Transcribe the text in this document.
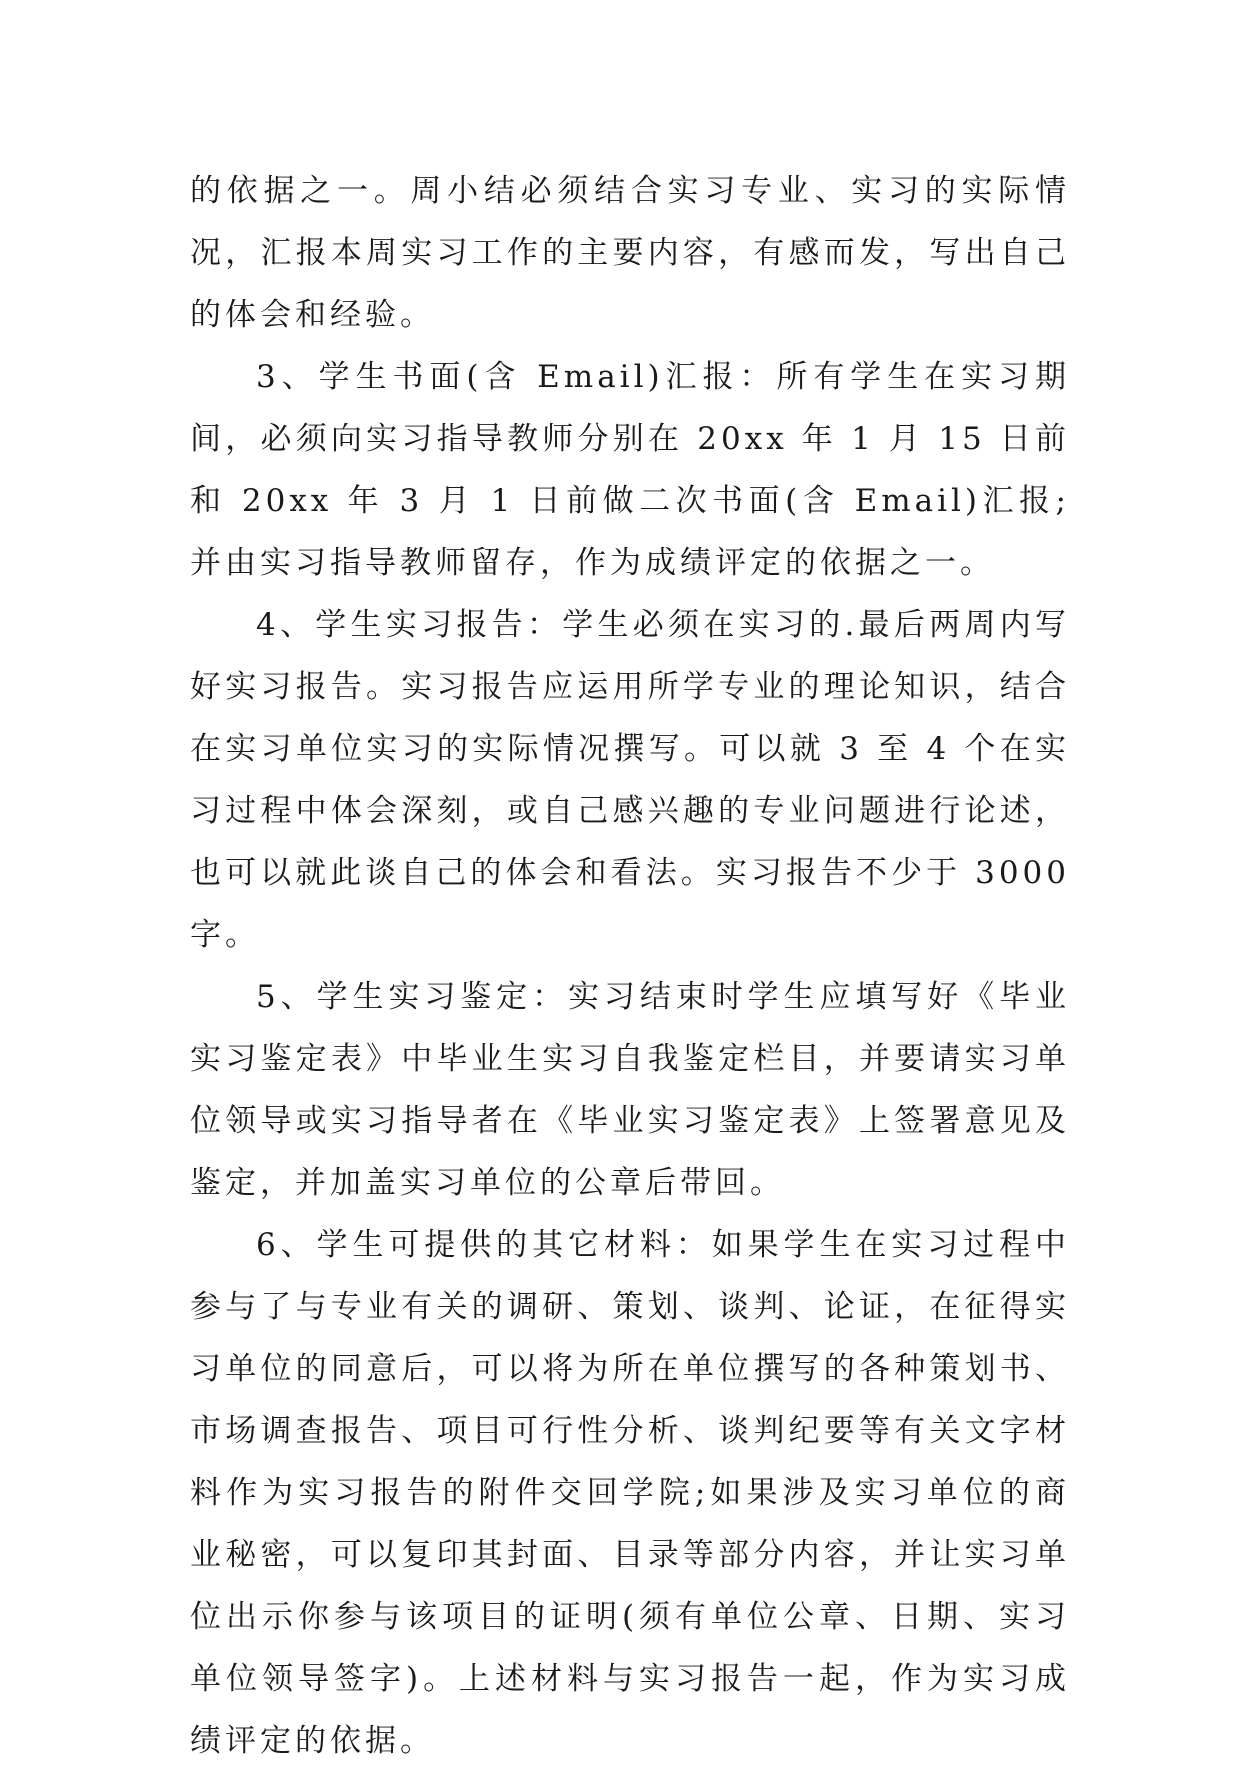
的依据之一。周小结必须结合实习专业、实习的实际情况，汇报本周实习工作的主要内容，有感而发，写出自己的体会和经验。

3、学生书面(含 Email)汇报：所有学生在实习期间，必须向实习指导教师分别在 20xx 年 1 月 15 日前和 20xx 年 3 月 1 日前做二次书面(含 Email)汇报;并由实习指导教师留存，作为成绩评定的依据之一。

4、学生实习报告：学生必须在实习的.最后两周内写好实习报告。实习报告应运用所学专业的理论知识，结合在实习单位实习的实际情况撰写。可以就 3 至 4 个在实习过程中体会深刻，或自己感兴趣的专业问题进行论述，也可以就此谈自己的体会和看法。实习报告不少于 3000 字。

5、学生实习鉴定：实习结束时学生应填写好《毕业实习鉴定表》中毕业生实习自我鉴定栏目，并要请实习单位领导或实习指导者在《毕业实习鉴定表》上签署意见及鉴定，并加盖实习单位的公章后带回。

6、学生可提供的其它材料：如果学生在实习过程中参与了与专业有关的调研、策划、谈判、论证，在征得实习单位的同意后，可以将为所在单位撰写的各种策划书、市场调查报告、项目可行性分析、谈判纪要等有关文字材料作为实习报告的附件交回学院;如果涉及实习单位的商业秘密，可以复印其封面、目录等部分内容，并让实习单位出示你参与该项目的证明(须有单位公章、日期、实习单位领导签字)。上述材料与实习报告一起，作为实习成绩评定的依据。
